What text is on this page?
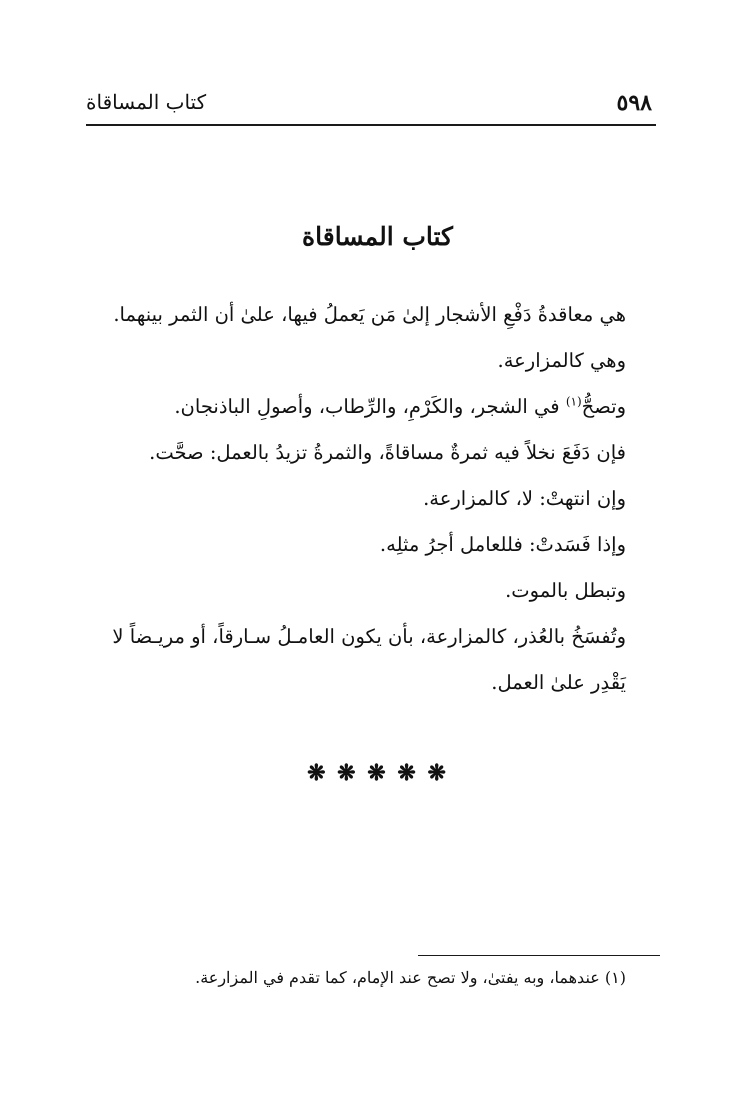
٥٩٨
كتاب المساقاة
كتاب المساقاة

هي معاقدةُ دَفْعِ الأشجار إلىٰ مَن يَعملُ فيها، علىٰ أن الثمر بينهما.

وهي كالمزارعة.

وتصحُّ$^{(١)}$ في الشجر، والكَرْمِ، والرِّطاب، وأصولِ الباذنجان.

فإن دَفَعَ نخلاً فيه ثمرةٌ مساقاةً، والثمرةُ تزيدُ بالعمل: صحَّت.

وإن انتهتْ: لا، كالمزارعة.

وإذا فَسَدتْ: فللعامل أجرُ مثلِه.

وتبطل بالموت.

وتُفسَخُ بالعُذر، كالمزارعة، بأن يكون العامـلُ سـارقاً، أو مريـضاً لا يَقْدِر علىٰ العمل.

❋ ❋ ❋ ❋ ❋
(١) عندهما، وبه يفتىٰ، ولا تصح عند الإمام، كما تقدم في المزارعة.
